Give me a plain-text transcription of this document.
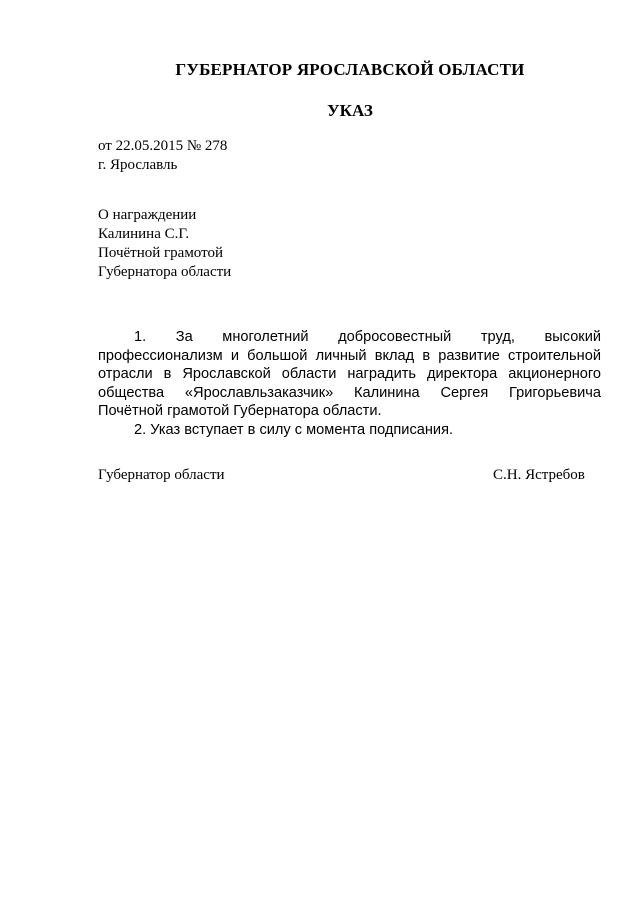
ГУБЕРНАТОР ЯРОСЛАВСКОЙ ОБЛАСТИ
УКАЗ
от 22.05.2015 № 278
г. Ярославль
О награждении
Калинина С.Г.
Почётной грамотой
Губернатора области

1. За многолетний добросовестный труд, высокий профессионализм и большой личный вклад в развитие строительной отрасли в Ярославской области наградить директора акционерного общества «Ярославльзаказчик» Калинина Сергея Григорьевича Почётной грамотой Губернатора области.

2. Указ вступает в силу с момента подписания.

Губернатор области	С.Н. Ястребов
